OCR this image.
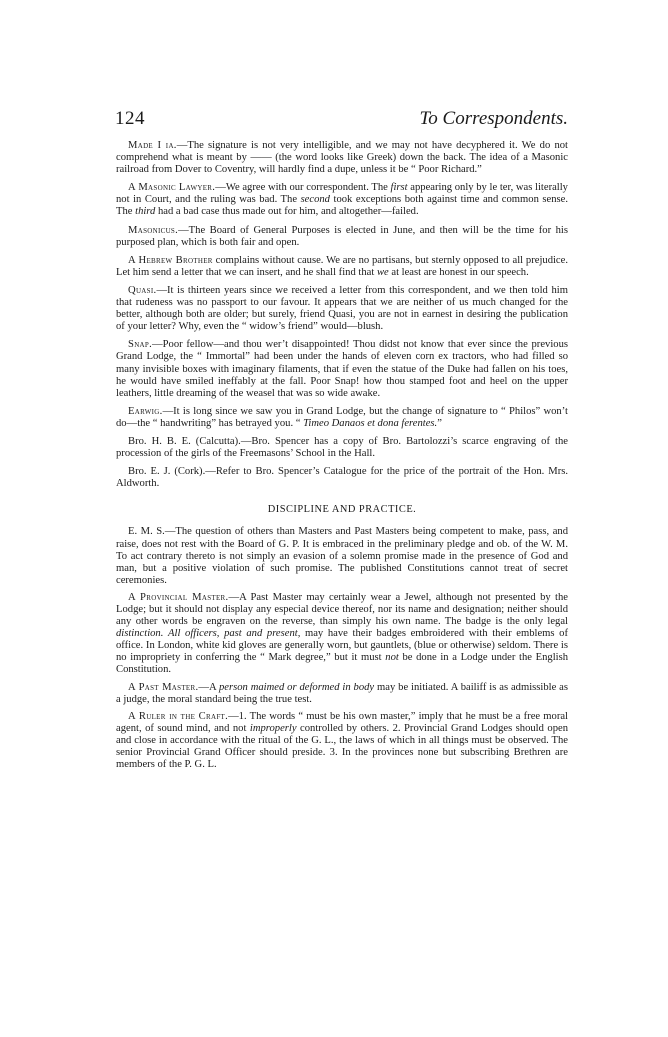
124	To Correspondents.

Made I ia.—The signature is not very intelligible, and we may not have decyphered it. We do not comprehend what is meant by —— (the word looks like Greek) down the back. The idea of a Masonic railroad from Dover to Coventry, will hardly find a dupe, unless it be “ Poor Richard.”

A Masonic Lawyer.—We agree with our correspondent. The first appearing only by le ter, was literally not in Court, and the ruling was bad. The second took exceptions both against time and common sense. The third had a bad case thus made out for him, and altogether—failed.

Masonicus.—The Board of General Purposes is elected in June, and then will be the time for his purposed plan, which is both fair and open.

A Hebrew Brother complains without cause. We are no partisans, but sternly opposed to all prejudice. Let him send a letter that we can insert, and he shall find that we at least are honest in our speech.

Quasi.—It is thirteen years since we received a letter from this correspondent, and we then told him that rudeness was no passport to our favour. It appears that we are neither of us much changed for the better, although both are older; but surely, friend Quasi, you are not in earnest in desiring the publication of your letter? Why, even the “ widow’s friend” would—blush.

Snap.—Poor fellow—and thou wer’t disappointed! Thou didst not know that ever since the previous Grand Lodge, the “ Immortal” had been under the hands of eleven corn ex tractors, who had filled so many invisible boxes with imaginary filaments, that if even the statue of the Duke had fallen on his toes, he would have smiled ineffably at the fall. Poor Snap! how thou stamped foot and heel on the upper leathers, little dreaming of the weasel that was so wide awake.

Earwig.—It is long since we saw you in Grand Lodge, but the change of signature to “ Philos” won’t do—the “ handwriting” has betrayed you. “ Timeo Danaos et dona ferentes.”

Bro. H. B. E. (Calcutta).—Bro. Spencer has a copy of Bro. Bartolozzi’s scarce engraving of the procession of the girls of the Freemasons’ School in the Hall.

Bro. E. J. (Cork).—Refer to Bro. Spencer’s Catalogue for the price of the portrait of the Hon. Mrs. Aldworth.

DISCIPLINE AND PRACTICE.

E. M. S.—The question of others than Masters and Past Masters being competent to make, pass, and raise, does not rest with the Board of G. P. It is embraced in the preliminary pledge and ob. of the W. M. To act contrary thereto is not simply an evasion of a solemn promise made in the presence of God and man, but a positive violation of such promise. The published Constitutions cannot treat of secret ceremonies.

A Provincial Master.—A Past Master may certainly wear a Jewel, although not presented by the Lodge; but it should not display any especial device thereof, nor its name and designation; neither should any other words be engraven on the reverse, than simply his own name. The badge is the only legal distinction. All officers, past and present, may have their badges embroidered with their emblems of office. In London, white kid gloves are generally worn, but gauntlets, (blue or otherwise) seldom. There is no impropriety in conferring the “ Mark degree,” but it must not be done in a Lodge under the English Constitution.

A Past Master.—A person maimed or deformed in body may be initiated. A bailiff is as admissible as a judge, the moral standard being the true test.

A Ruler in the Craft.—1. The words “ must be his own master,” imply that he must be a free moral agent, of sound mind, and not improperly controlled by others. 2. Provincial Grand Lodges should open and close in accordance with the ritual of the G. L., the laws of which in all things must be observed. The senior Provincial Grand Officer should preside. 3. In the provinces none but subscribing Brethren are members of the P. G. L.
